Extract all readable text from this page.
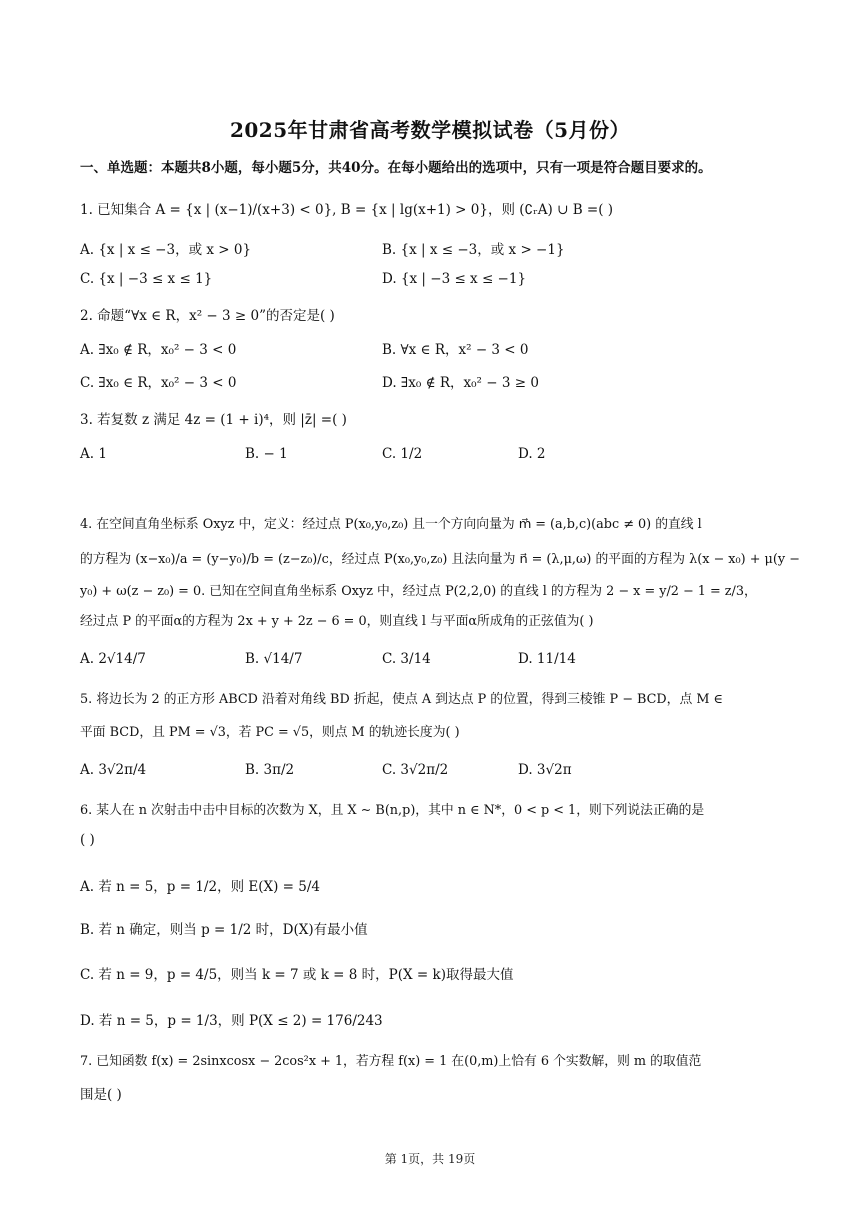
2025年甘肃省高考数学模拟试卷（5月份）
一、单选题：本题共8小题，每小题5分，共40分。在每小题给出的选项中，只有一项是符合题目要求的。
1. 已知集合 A = {x | (x−1)/(x+3) < 0}, B = {x | lg(x+1) > 0}，则 (∁ᵣA) ∪ B =( )
A. {x | x ≤ −3，或 x > 0}	B. {x | x ≤ −3，或 x > −1}
C. {x | −3 ≤ x ≤ 1}	D. {x | −3 ≤ x ≤ −1}
2. 命题“∀x ∈ R，x² − 3 ≥ 0”的否定是( )
A. ∃x₀ ∉ R，x₀² − 3 < 0	B. ∀x ∈ R，x² − 3 < 0
C. ∃x₀ ∈ R，x₀² − 3 < 0	D. ∃x₀ ∉ R，x₀² − 3 ≥ 0
3. 若复数 z 满足 4z = (1 + i)⁴，则 |z̄| =( )
A. 1	B. − 1	C. 1/2	D. 2
4. 在空间直角坐标系 Oxyz 中，定义：经过点 P(x₀,y₀,z₀) 且一个方向向量为 m⃗ = (a,b,c)(abc ≠ 0) 的直线 l
的方程为 (x−x₀)/a = (y−y₀)/b = (z−z₀)/c，经过点 P(x₀,y₀,z₀) 且法向量为 n⃗ = (λ,μ,ω) 的平面的方程为 λ(x − x₀) + μ(y −
y₀) + ω(z − z₀) = 0. 已知在空间直角坐标系 Oxyz 中，经过点 P(2,2,0) 的直线 l 的方程为 2 − x = y/2 − 1 = z/3，
经过点 P 的平面α的方程为 2x + y + 2z − 6 = 0，则直线 l 与平面α所成角的正弦值为( )
A. 2√14/7	B. √14/7	C. 3/14	D. 11/14
5. 将边长为 2 的正方形 ABCD 沿着对角线 BD 折起，使点 A 到达点 P 的位置，得到三棱锥 P − BCD，点 M ∈
平面 BCD，且 PM = √3，若 PC = √5，则点 M 的轨迹长度为( )
A. 3√2π/4	B. 3π/2	C. 3√2π/2	D. 3√2π
6. 某人在 n 次射击中击中目标的次数为 X，且 X ∼ B(n,p)，其中 n ∈ N*，0 < p < 1，则下列说法正确的是
( )
A. 若 n = 5，p = 1/2，则 E(X) = 5/4
B. 若 n 确定，则当 p = 1/2 时，D(X)有最小值
C. 若 n = 9，p = 4/5，则当 k = 7 或 k = 8 时，P(X = k)取得最大值
D. 若 n = 5，p = 1/3，则 P(X ≤ 2) = 176/243
7. 已知函数 f(x) = 2sinxcosx − 2cos²x + 1，若方程 f(x) = 1 在(0,m)上恰有 6 个实数解，则 m 的取值范
围是( )
第 1页，共 19页
